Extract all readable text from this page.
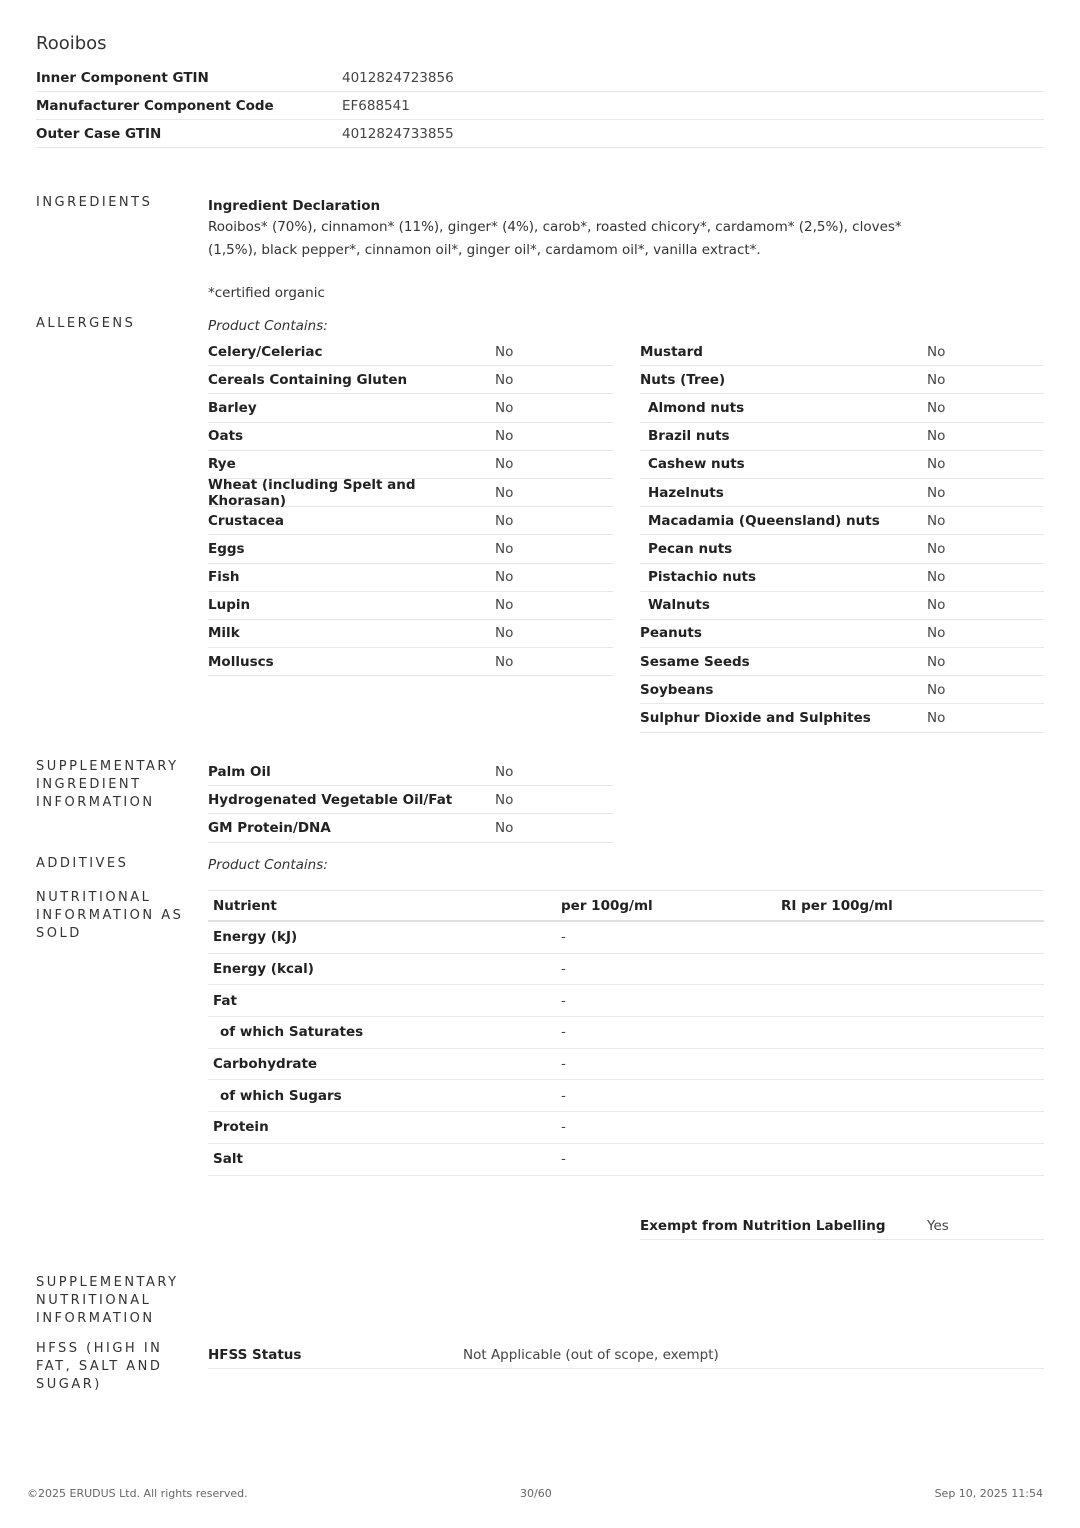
Rooibos
Inner Component GTIN	4012824723856
Manufacturer Component Code	EF688541
Outer Case GTIN	4012824733855
INGREDIENTS	Ingredient Declaration
Rooibos* (70%), cinnamon* (11%), ginger* (4%), carob*, roasted chicory*, cardamom* (2,5%), cloves* (1,5%), black pepper*, cinnamon oil*, ginger oil*, cardamom oil*, vanilla extract*.
*certified organic
ALLERGENS	Product Contains:
Celery/Celeriac	No
Cereals Containing Gluten	No
Barley	No
Oats	No
Rye	No
Wheat (including Spelt and Khorasan)	No
Crustacea	No
Eggs	No
Fish	No
Lupin	No
Milk	No
Molluscs	No
Mustard	No
Nuts (Tree)	No
Almond nuts	No
Brazil nuts	No
Cashew nuts	No
Hazelnuts	No
Macadamia (Queensland) nuts	No
Pecan nuts	No
Pistachio nuts	No
Walnuts	No
Peanuts	No
Sesame Seeds	No
Soybeans	No
Sulphur Dioxide and Sulphites	No
SUPPLEMENTARY INGREDIENT INFORMATION
Palm Oil	No
Hydrogenated Vegetable Oil/Fat	No
GM Protein/DNA	No
ADDITIVES	Product Contains:
NUTRITIONAL INFORMATION AS SOLD
Nutrient	per 100g/ml	RI per 100g/ml
Energy (kJ)	-
Energy (kcal)	-
Fat	-
of which Saturates	-
Carbohydrate	-
of which Sugars	-
Protein	-
Salt	-
Exempt from Nutrition Labelling	Yes
SUPPLEMENTARY NUTRITIONAL INFORMATION
HFSS (HIGH IN FAT, SALT AND SUGAR)
HFSS Status	Not Applicable (out of scope, exempt)
©2025 ERUDUS Ltd. All rights reserved.	30/60	Sep 10, 2025 11:54
